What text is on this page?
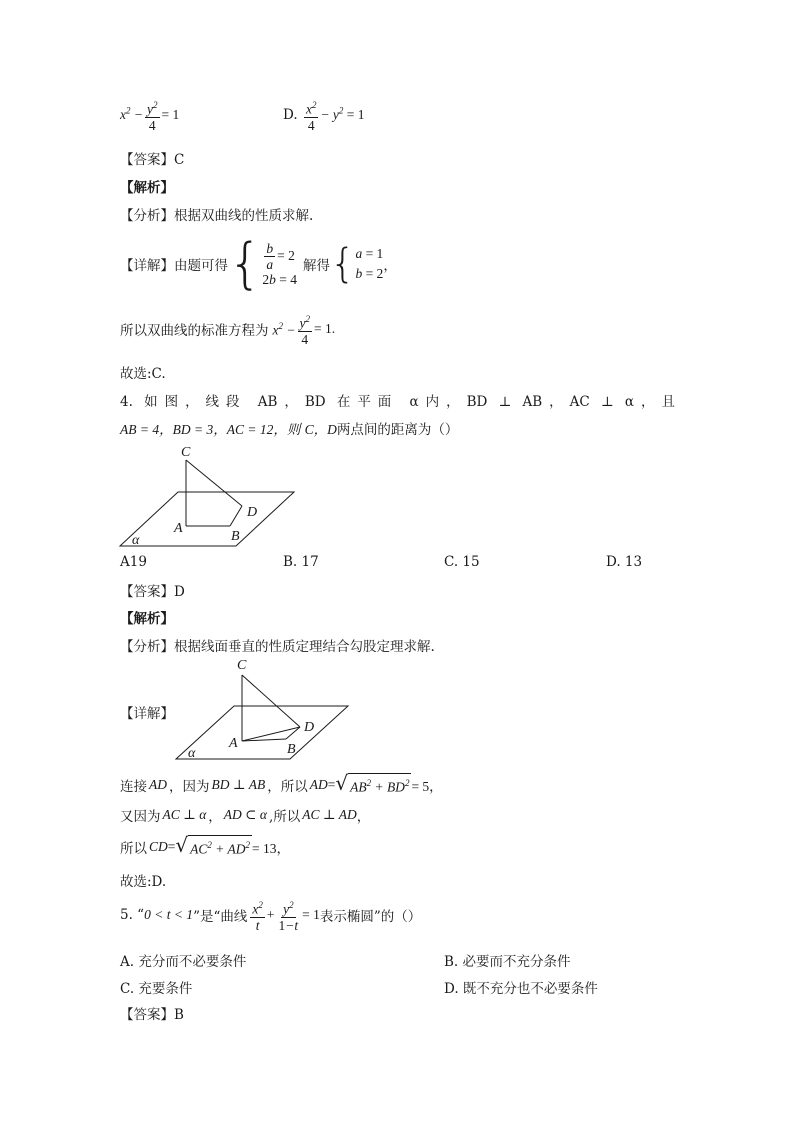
$x^2 - \frac{y^2}{4} = 1$	D. $\frac{x^2}{4} - y^2 = 1$
【答案】C
【解析】
【分析】根据双曲线的性质求解.
【详解】 由题可得 { $\frac{b}{a} = 2$
2b = 4
解得 { a = 1
b = 2
，
所以双曲线的标准方程为 $x^2 - \frac{y^2}{4} = 1$.
故选:C.
4. 如图，线段 AB，BD 在平面 α内，BD ⊥ AB，AC ⊥ α，且
AB = 4，BD = 3，AC = 12，则 C，D两点间的距离为（）
C
A
B
D
α
A19	B. 17	C. 15	D. 13
【答案】D
【解析】
【分析】根据线面垂直的性质定理结合勾股定理求解.
【详解】
C
A	B
D
α
连接 AD ，因为 BD ⊥ AB ，所以 AD = √ $AB^2 + BD^2 = 5$，
又因为 AC ⊥ α ， AD ⊂ α ,所以 AC ⊥ AD ，
所以 CD = √ $AC^2 + AD^2 = 13$，
故选:D.
5. “ 0 < t < 1 ”是“曲线 $\frac{x^2}{t} + \frac{y^2}{1-t} = 1$ 表示椭圆”的（）
A. 充分而不必要条件	B. 必要而不充分条件
C. 充要条件	D. 既不充分也不必要条件
【答案】B
